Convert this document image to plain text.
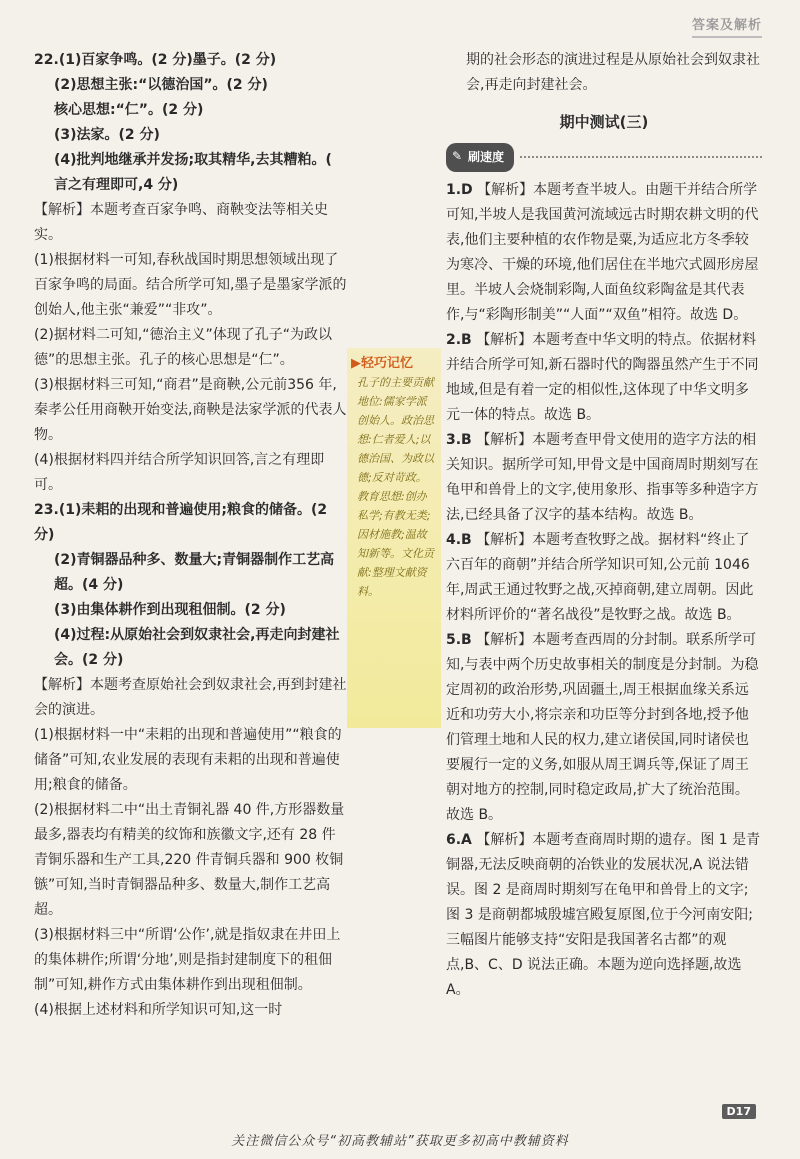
答案及解析

22.(1)百家争鸣。(2 分)墨子。(2 分)

(2)思想主张:“以德治国”。(2 分)

核心思想:“仁”。(2 分)

(3)法家。(2 分)

(4)批判地继承并发扬;取其精华,去其糟粕。( 言之有理即可,4 分)

【解析】本题考查百家争鸣、商鞅变法等相关史实。

(1)根据材料一可知,春秋战国时期思想领域出现了百家争鸣的局面。结合所学可知,墨子是墨家学派的创始人,他主张“兼爱”“非攻”。

(2)据材料二可知,“德治主义”体现了孔子“为政以德”的思想主张。孔子的核心思想是“仁”。

(3)根据材料三可知,“商君”是商鞅,公元前356 年,秦孝公任用商鞅开始变法,商鞅是法家学派的代表人物。

(4)根据材料四并结合所学知识回答,言之有理即可。

23.(1)耒耜的出现和普遍使用;粮食的储备。(2 分)

(2)青铜器品种多、数量大;青铜器制作工艺高超。(4 分)

(3)由集体耕作到出现租佃制。(2 分)

(4)过程:从原始社会到奴隶社会,再走向封建社会。(2 分)

【解析】本题考查原始社会到奴隶社会,再到封建社会的演进。

(1)根据材料一中“耒耜的出现和普遍使用”“粮食的储备”可知,农业发展的表现有耒耜的出现和普遍使用;粮食的储备。

(2)根据材料二中“出土青铜礼器 40 件,方形器数量最多,器表均有精美的纹饰和族徽文字,还有 28 件青铜乐器和生产工具,220 件青铜兵器和 900 枚铜镞”可知,当时青铜器品种多、数量大,制作工艺高超。

(3)根据材料三中“所谓‘公作’,就是指奴隶在井田上的集体耕作;所谓‘分地’,则是指封建制度下的租佃制”可知,耕作方式由集体耕作到出现租佃制。

(4)根据上述材料和所学知识可知,这一时

▶轻巧记忆
孔子的主要贡献 地位:儒家学派创始人。政治思想:仁者爱人;以德治国、为政以德;反对苛政。教育思想:创办私学;有教无类;因材施教;温故知新等。文化贡献:整理文献资料。

期的社会形态的演进过程是从原始社会到奴隶社会,再走向封建社会。

期中测试(三)
✎ 刷速度

1.D 【解析】本题考查半坡人。由题干并结合所学可知,半坡人是我国黄河流域远古时期农耕文明的代表,他们主要种植的农作物是粟,为适应北方冬季较为寒冷、干燥的环境,他们居住在半地穴式圆形房屋里。半坡人会烧制彩陶,人面鱼纹彩陶盆是其代表作,与“彩陶形制美”“人面”“双鱼”相符。故选 D。

2.B 【解析】本题考查中华文明的特点。依据材料并结合所学可知,新石器时代的陶器虽然产生于不同地域,但是有着一定的相似性,这体现了中华文明多元一体的特点。故选 B。

3.B 【解析】本题考查甲骨文使用的造字方法的相关知识。据所学可知,甲骨文是中国商周时期刻写在龟甲和兽骨上的文字,使用象形、指事等多种造字方法,已经具备了汉字的基本结构。故选 B。

4.B 【解析】本题考查牧野之战。据材料“终止了六百年的商朝”并结合所学知识可知,公元前 1046 年,周武王通过牧野之战,灭掉商朝,建立周朝。因此材料所评价的“著名战役”是牧野之战。故选 B。

5.B 【解析】本题考查西周的分封制。联系所学可知,与表中两个历史故事相关的制度是分封制。为稳定周初的政治形势,巩固疆土,周王根据血缘关系远近和功劳大小,将宗亲和功臣等分封到各地,授予他们管理土地和人民的权力,建立诸侯国,同时诸侯也要履行一定的义务,如服从周王调兵等,保证了周王朝对地方的控制,同时稳定政局,扩大了统治范围。故选 B。

6.A 【解析】本题考查商周时期的遗存。图 1 是青铜器,无法反映商朝的冶铁业的发展状况,A 说法错误。图 2 是商周时期刻写在龟甲和兽骨上的文字;图 3 是商朝都城殷墟宫殿复原图,位于今河南安阳;三幅图片能够支持“安阳是我国著名古都”的观点,B、C、D 说法正确。本题为逆向选择题,故选 A。

D17
关注微信公众号“初高教辅站”获取更多初高中教辅资料
